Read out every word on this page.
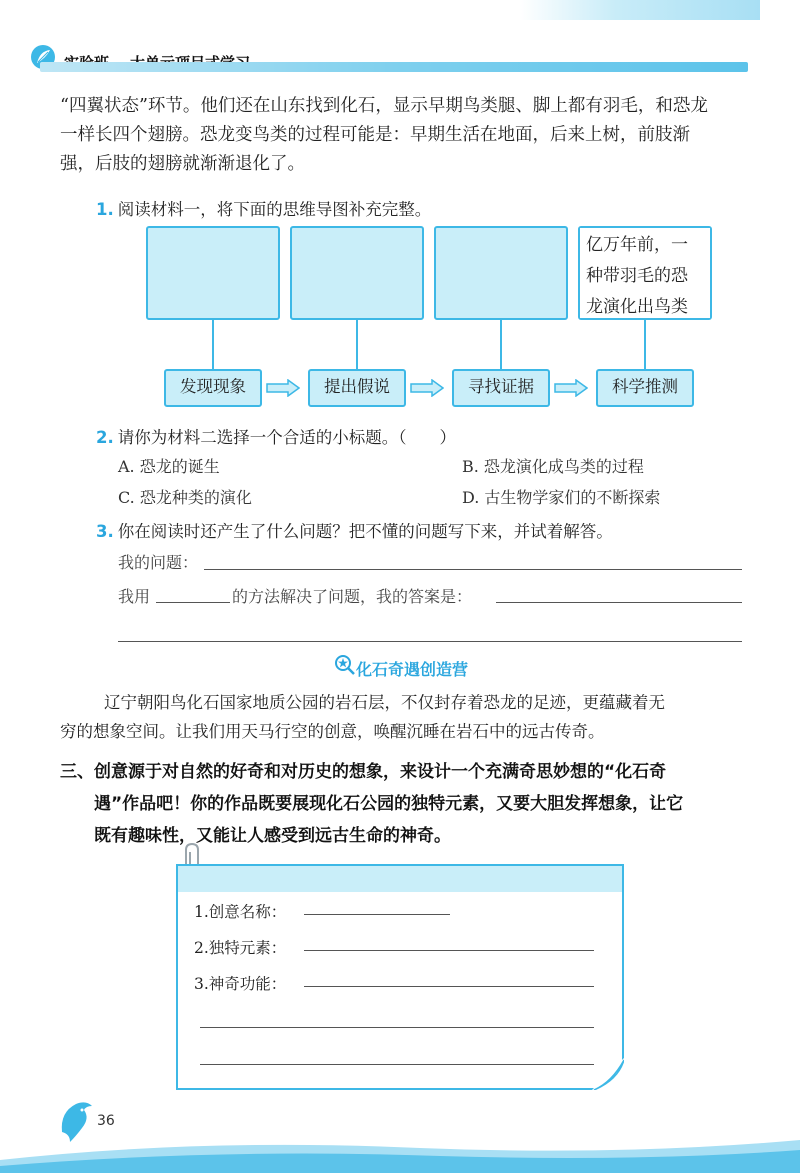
“四翼状态”环节。他们还在山东找到化石，显示早期鸟类腿、脚上都有羽毛，和恐龙
一样长四个翅膀。恐龙变鸟类的过程可能是：早期生活在地面，后来上树，前肢渐
强，后肢的翅膀就渐渐退化了。
1. 阅读材料一，将下面的思维导图补充完整。
亿万年前，一
种带羽毛的恐
龙演化出鸟类
发现现象	提出假说	寻找证据	科学推测
2. 请你为材料二选择一个合适的小标题。（　　）
A. 恐龙的诞生	B. 恐龙演化成鸟类的过程
C. 恐龙种类的演化	D. 古生物学家们的不断探索
3. 你在阅读时还产生了什么问题？把不懂的问题写下来，并试着解答。
我的问题：
我用	的方法解决了问题，我的答案是：
化石奇遇创造营
辽宁朝阳鸟化石国家地质公园的岩石层，不仅封存着恐龙的足迹，更蕴藏着无
穷的想象空间。让我们用天马行空的创意，唤醒沉睡在岩石中的远古传奇。
三、创意源于对自然的好奇和对历史的想象，来设计一个充满奇思妙想的“化石奇
遇”作品吧！你的作品既要展现化石公园的独特元素，又要大胆发挥想象，让它
既有趣味性，又能让人感受到远古生命的神奇。
1.创意名称：
2.独特元素：
3.神奇功能：
36
